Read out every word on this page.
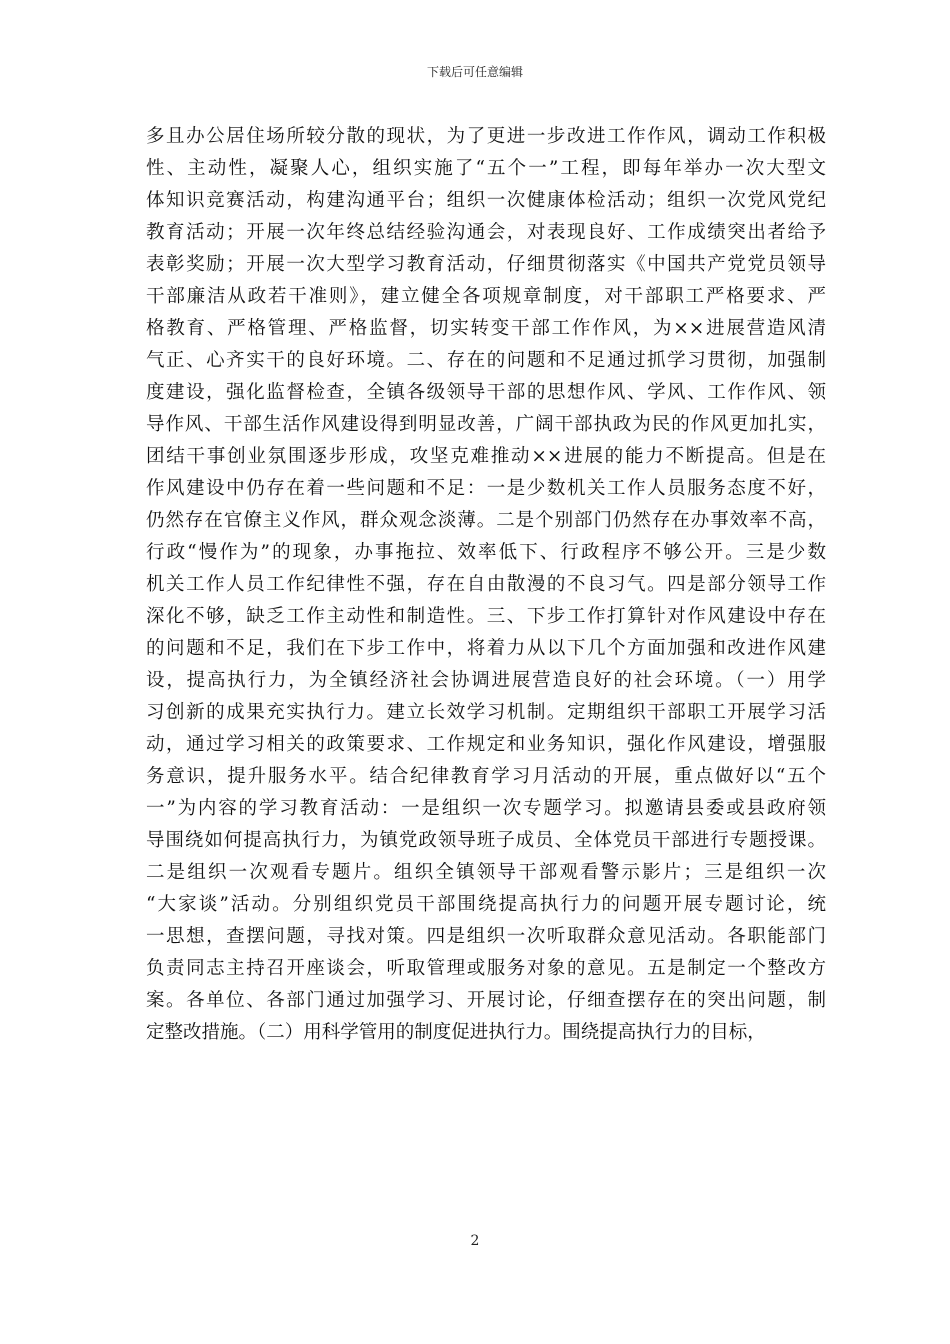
下载后可任意编辑
多且办公居住场所较分散的现状，为了更进一步改进工作作风，调动工作积极
性、主动性，凝聚人心，组织实施了“五个一”工程，即每年举办一次大型文
体知识竞赛活动，构建沟通平台；组织一次健康体检活动；组织一次党风党纪
教育活动；开展一次年终总结经验沟通会，对表现良好、工作成绩突出者给予
表彰奖励；开展一次大型学习教育活动，仔细贯彻落实《中国共产党党员领导
干部廉洁从政若干准则》，建立健全各项规章制度，对干部职工严格要求、严
格教育、严格管理、严格监督，切实转变干部工作作风，为××进展营造风清
气正、心齐实干的良好环境。二、存在的问题和不足通过抓学习贯彻，加强制
度建设，强化监督检查，全镇各级领导干部的思想作风、学风、工作作风、领
导作风、干部生活作风建设得到明显改善，广阔干部执政为民的作风更加扎实，
团结干事创业氛围逐步形成，攻坚克难推动××进展的能力不断提高。但是在
作风建设中仍存在着一些问题和不足：一是少数机关工作人员服务态度不好，
仍然存在官僚主义作风，群众观念淡薄。二是个别部门仍然存在办事效率不高，
行政“慢作为”的现象，办事拖拉、效率低下、行政程序不够公开。三是少数
机关工作人员工作纪律性不强，存在自由散漫的不良习气。四是部分领导工作
深化不够，缺乏工作主动性和制造性。三、下步工作打算针对作风建设中存在
的问题和不足，我们在下步工作中，将着力从以下几个方面加强和改进作风建
设，提高执行力，为全镇经济社会协调进展营造良好的社会环境。（一）用学
习创新的成果充实执行力。建立长效学习机制。定期组织干部职工开展学习活
动，通过学习相关的政策要求、工作规定和业务知识，强化作风建设，增强服
务意识，提升服务水平。结合纪律教育学习月活动的开展，重点做好以“五个
一”为内容的学习教育活动：一是组织一次专题学习。拟邀请县委或县政府领
导围绕如何提高执行力，为镇党政领导班子成员、全体党员干部进行专题授课。
二是组织一次观看专题片。组织全镇领导干部观看警示影片；三是组织一次
“大家谈”活动。分别组织党员干部围绕提高执行力的问题开展专题讨论，统
一思想，查摆问题，寻找对策。四是组织一次听取群众意见活动。各职能部门
负责同志主持召开座谈会，听取管理或服务对象的意见。五是制定一个整改方
案。各单位、各部门通过加强学习、开展讨论，仔细查摆存在的突出问题，制
定整改措施。（二）用科学管用的制度促进执行力。围绕提高执行力的目标，
2
